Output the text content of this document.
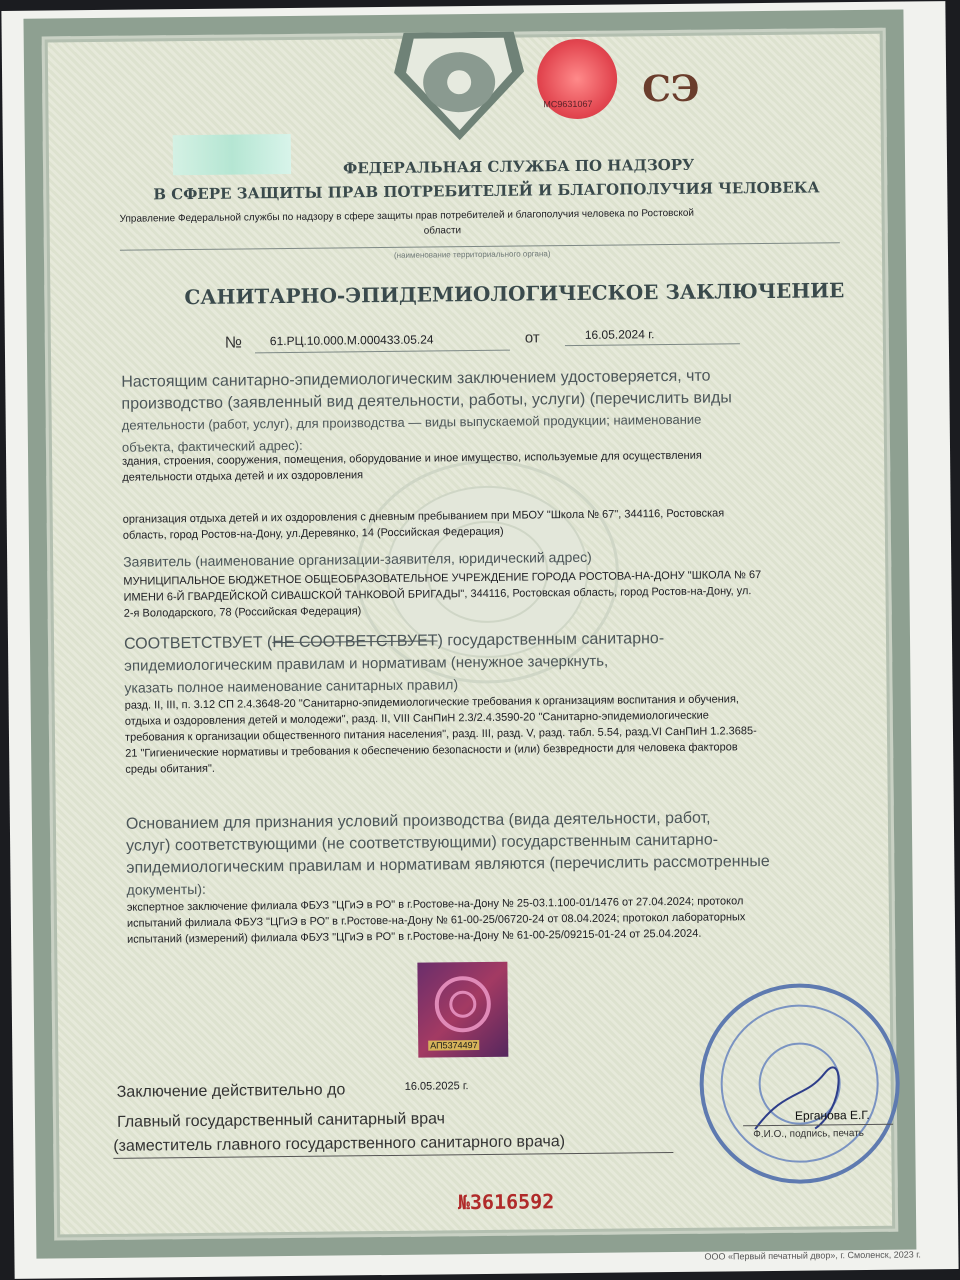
МС9631067 СЭ
ФЕДЕРАЛЬНАЯ СЛУЖБА ПО НАДЗОРУ
В СФЕРЕ ЗАЩИТЫ ПРАВ ПОТРЕБИТЕЛЕЙ И БЛАГОПОЛУЧИЯ ЧЕЛОВЕКА
Управление Федеральной службы по надзору в сфере защиты прав потребителей и благополучия человека по Ростовской
области
(наименование территориального органа)
САНИТАРНО-ЭПИДЕМИОЛОГИЧЕСКОЕ ЗАКЛЮЧЕНИЕ
№ 61.РЦ.10.000.М.000433.05.24	от	16.05.2024 г.
Настоящим санитарно-эпидемиологическим заключением удостоверяется, что
производство (заявленный вид деятельности, работы, услуги) (перечислить виды
деятельности (работ, услуг), для производства — виды выпускаемой продукции; наименование
объекта, фактический адрес):
здания, строения, сооружения, помещения, оборудование и иное имущество, используемые для осуществления
деятельности отдыха детей и их оздоровления
организация отдыха детей и их оздоровления с дневным пребыванием при МБОУ "Школа № 67", 344116, Ростовская
область, город Ростов-на-Дону, ул.Деревянко, 14 (Российская Федерация)
Заявитель (наименование организации-заявителя, юридический адрес)
МУНИЦИПАЛЬНОЕ БЮДЖЕТНОЕ ОБЩЕОБРАЗОВАТЕЛЬНОЕ УЧРЕЖДЕНИЕ ГОРОДА РОСТОВА-НА-ДОНУ "ШКОЛА № 67
ИМЕНИ 6-Й ГВАРДЕЙСКОЙ СИВАШСКОЙ ТАНКОВОЙ БРИГАДЫ", 344116, Ростовская область, город Ростов-на-Дону, ул.
2-я Володарского, 78 (Российская Федерация)
СООТВЕТСТВУЕТ (НЕ СООТВЕТСТВУЕТ) государственным санитарно-
эпидемиологическим правилам и нормативам (ненужное зачеркнуть,
указать полное наименование санитарных правил)
разд. II, III, п. 3.12 СП 2.4.3648-20 "Санитарно-эпидемиологические требования к организациям воспитания и обучения,
отдыха и оздоровления детей и молодежи", разд. II, VIII СанПиН 2.3/2.4.3590-20 "Санитарно-эпидемиологические
требования к организации общественного питания населения", разд. III, разд. V, разд. табл. 5.54, разд.VI СанПиН 1.2.3685-
21 "Гигиенические нормативы и требования к обеспечению безопасности и (или) безвредности для человека факторов
среды обитания".
Основанием для признания условий производства (вида деятельности, работ,
услуг) соответствующими (не соответствующими) государственным санитарно-
эпидемиологическим правилам и нормативам являются (перечислить рассмотренные
документы):
экспертное заключение филиала ФБУЗ "ЦГиЭ в РО" в г.Ростове-на-Дону № 25-03.1.100-01/1476 от 27.04.2024; протокол
испытаний филиала ФБУЗ "ЦГиЭ в РО" в г.Ростове-на-Дону № 61-00-25/06720-24 от 08.04.2024; протокол лабораторных
испытаний (измерений) филиала ФБУЗ "ЦГиЭ в РО" в г.Ростове-на-Дону № 61-00-25/09215-01-24 от 25.04.2024.
АП5374497
Заключение действительно до	16.05.2025 г.
Главный государственный санитарный врач
(заместитель главного государственного санитарного врача)
Ерганова Е.Г.
Ф.И.О., подпись, печать
№3616592
ООО «Первый печатный двор», г. Смоленск, 2023 г.
